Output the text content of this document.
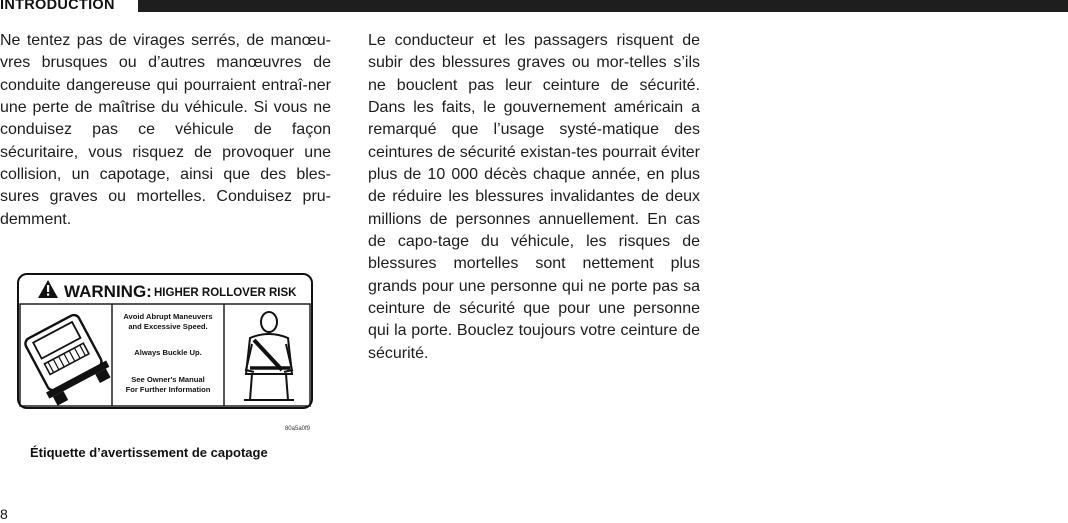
INTRODUCTION

Ne tentez pas de virages serrés, de manœu-vres brusques ou d’autres manœuvres de conduite dangereuse qui pourraient entraî-ner une perte de maîtrise du véhicule. Si vous ne conduisez pas ce véhicule de façon sécuritaire, vous risquez de provoquer une collision, un capotage, ainsi que des bles-sures graves ou mortelles. Conduisez pru-demment.

Le conducteur et les passagers risquent de subir des blessures graves ou mor-telles s’ils ne bouclent pas leur ceinture de sécurité. Dans les faits, le gouvernement américain a remarqué que l’usage systé-matique des ceintures de sécurité existan-tes pourrait éviter plus de 10 000 décès chaque année, en plus de réduire les blessures invalidantes de deux millions de personnes annuellement. En cas de capo-tage du véhicule, les risques de blessures mortelles sont nettement plus grands pour une personne qui ne porte pas sa ceinture de sécurité que pour une personne qui la porte. Bouclez toujours votre ceinture de sécurité.

WARNING: HIGHER ROLLOVER RISK
Avoid Abrupt Maneuvers
and Excessive Speed.
Always Buckle Up.
See Owner's Manual
For Further Information
80a5a0f9
Étiquette d’avertissement de capotage
8
